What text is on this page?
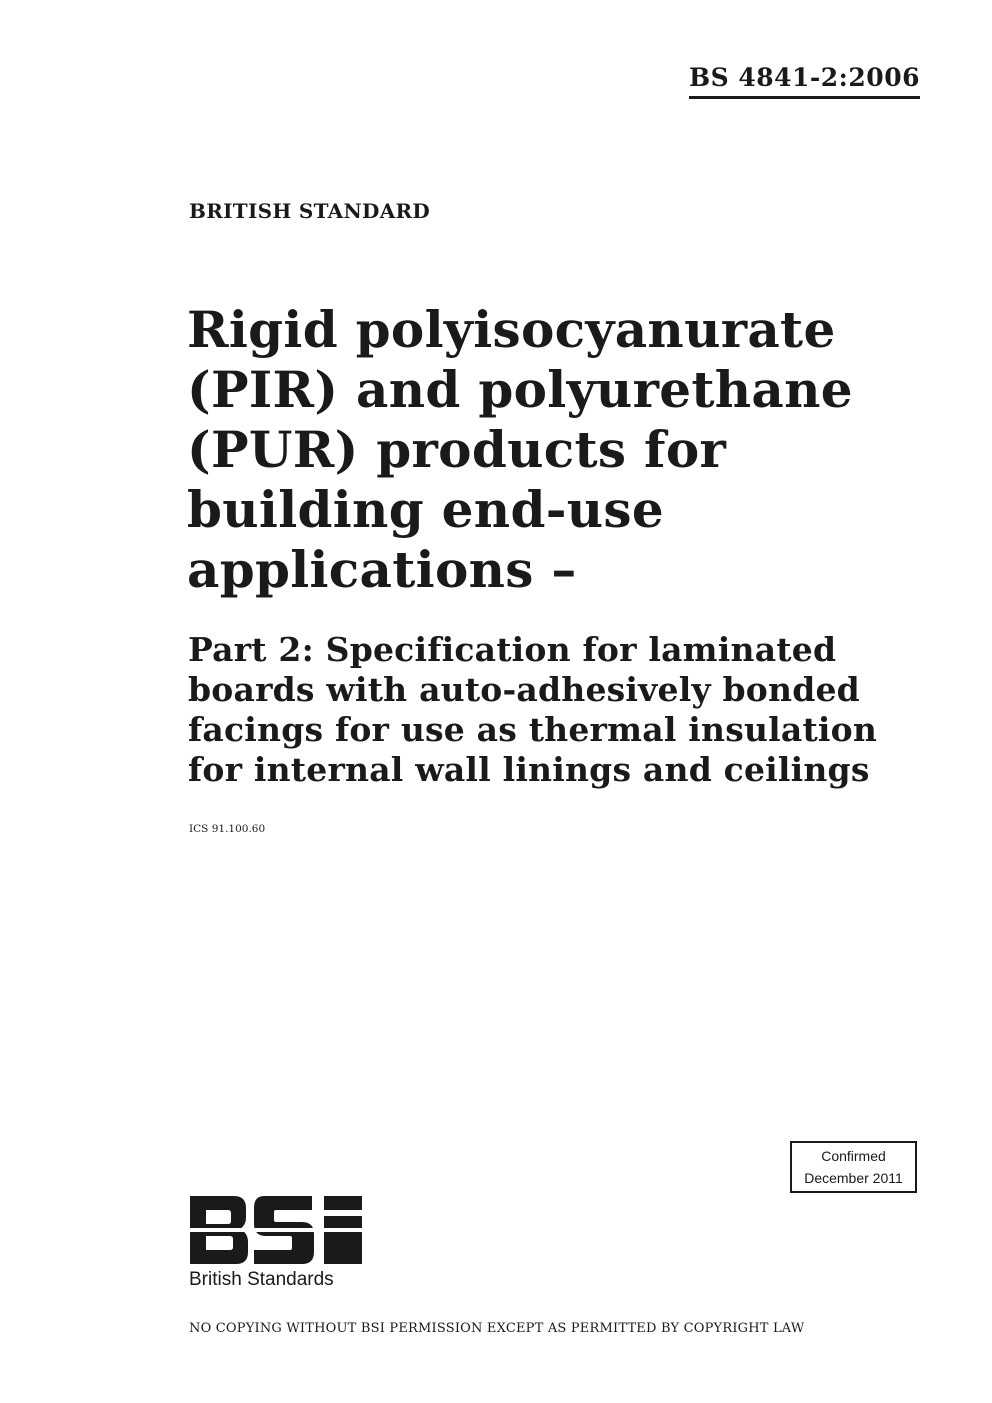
BS 4841-2:2006
BRITISH STANDARD
Rigid polyisocyanurate
(PIR) and polyurethane
(PUR) products for
building end-use
applications –
Part 2: Specification for laminated
boards with auto-adhesively bonded
facings for use as thermal insulation
for internal wall linings and ceilings
ICS 91.100.60
Confirmed
December 2011
British Standards
NO COPYING WITHOUT BSI PERMISSION EXCEPT AS PERMITTED BY COPYRIGHT LAW
